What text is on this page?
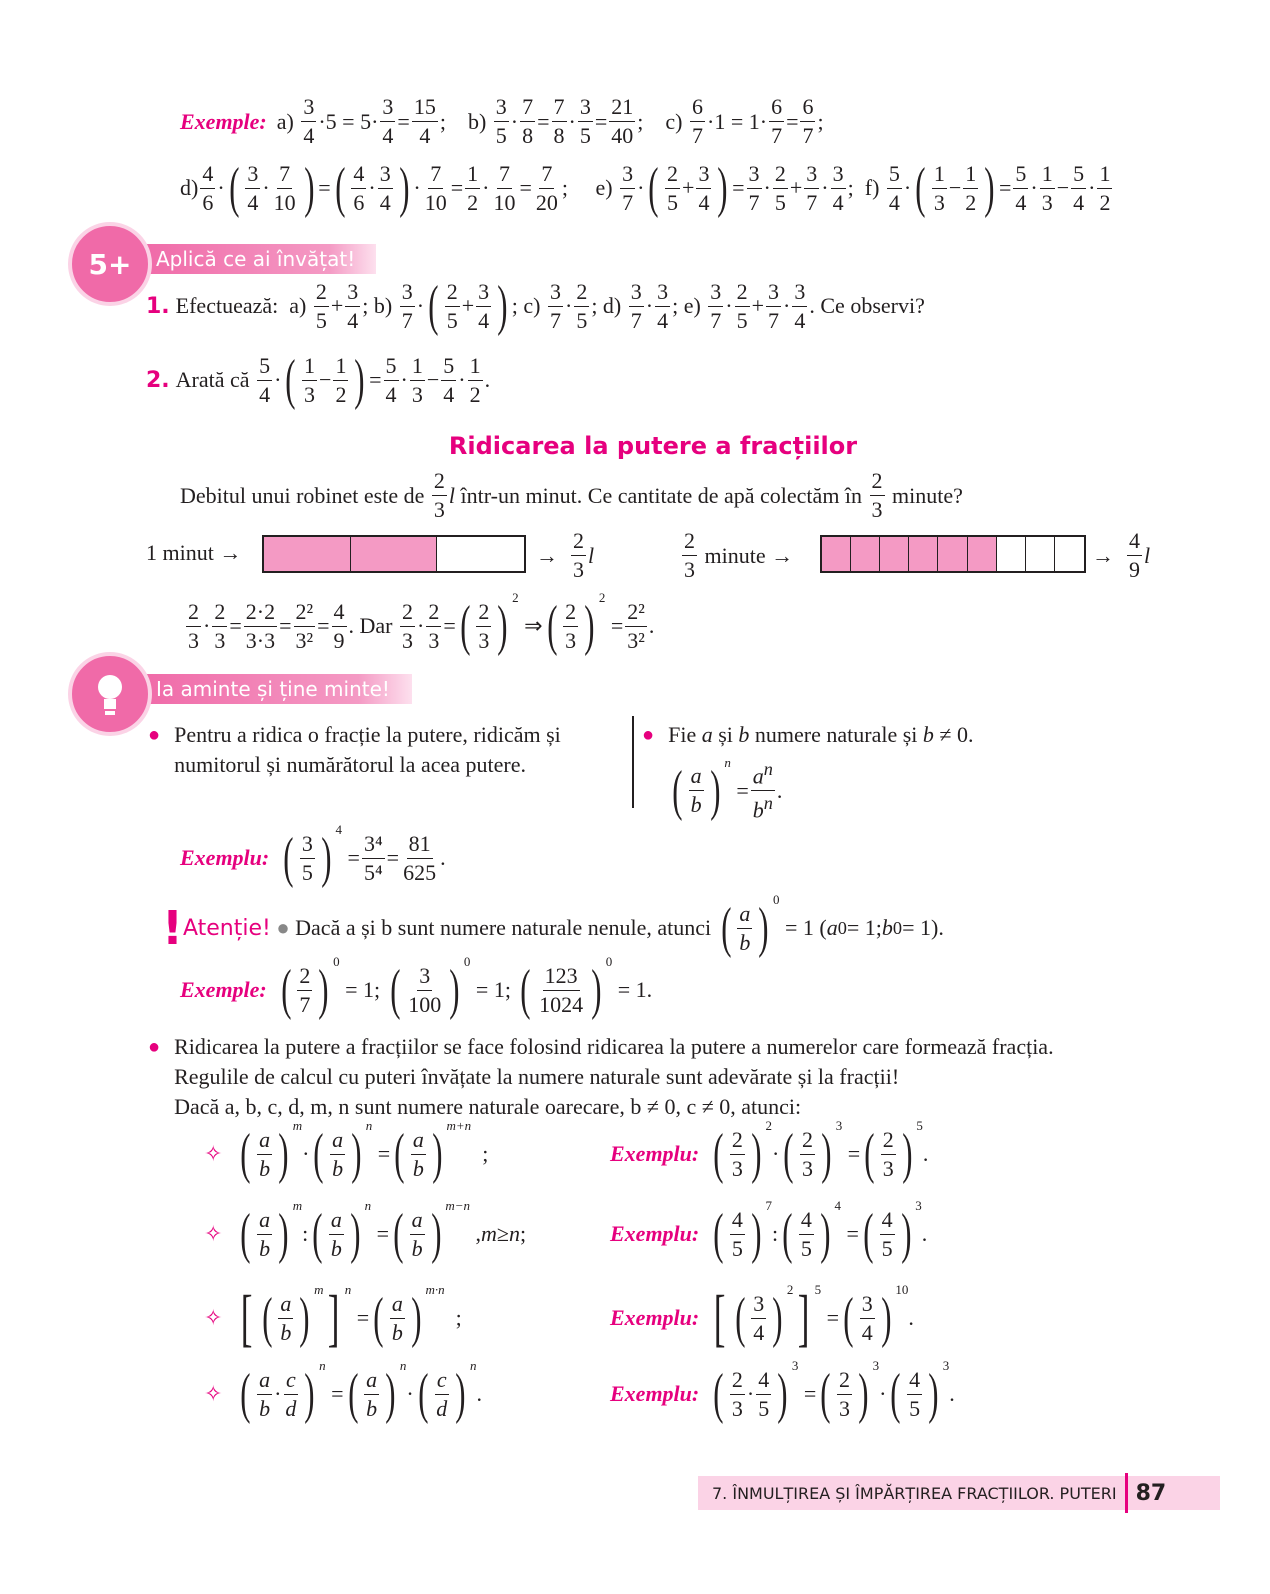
Exemple: $a) \frac{3}{4} \cdot 5 = 5\cdot \frac{3}{4} = \frac{15}{4}$ ;    $b) \frac{3}{5} \cdot \frac{7}{8} = \frac{7}{8} \cdot \frac{3}{5} = \frac{21}{40}$ ;    $c) \frac{6}{7} \cdot 1 = 1\cdot \frac{6}{7} = \frac{6}{7}$ ;
$d) \frac{4}{6}$ · ( $\frac{3}{4} \cdot \frac{7}{10}$ ) = ( $\frac{4}{6} \cdot \frac{3}{4}$ ) · $\frac{7}{10} = \frac{1}{2} \cdot \frac{7}{10} = \frac{7}{20}$ ;     $e) \frac{3}{7}$ · ( $\frac{2}{5} + \frac{3}{4}$ ) = $\frac{3}{7} \cdot \frac{2}{5} + \frac{3}{7} \cdot \frac{3}{4}$ ;  $f) \frac{5}{4}$ · ( $\frac{1}{3} - \frac{1}{2}$ ) = $\frac{5}{4} \cdot \frac{1}{3} - \frac{5}{4} \cdot \frac{1}{2}$
Aplică ce ai învățat!
5+
1. Efectuează: $a) \frac{2}{5} + \frac{3}{4}$ ; $b) \frac{3}{7}$ · ( $\frac{2}{5} + \frac{3}{4}$ ) ; $c) \frac{3}{7} \cdot \frac{2}{5}$ ; $d) \frac{3}{7} \cdot \frac{3}{4}$ ; $e) \frac{3}{7} \cdot \frac{2}{5} + \frac{3}{7} \cdot \frac{3}{4}$ . Ce observi?
2. Arată că
$\frac{5}{4}$ · ( $\frac{1}{3} - \frac{1}{2}$ ) = $\frac{5}{4} \cdot \frac{1}{3} - \frac{5}{4} \cdot \frac{1}{2}$ .
Ridicarea la putere a fracțiilor
Debitul unui robinet este de
$\frac{2}{3}$ l
într-un minut. Ce cantitate de apă colectăm în
$\frac{2}{3}$
minute?
1 minut →	→ $\frac{2}{3}$ l	$\frac{2}{3}$
minute →	→ $\frac{4}{9}$ l
$\frac{2}{3} \cdot \frac{2}{3} = \frac{2\cdot 2}{3\cdot 3} = \frac{\text{2²}}{\text{3²}} = \frac{4}{9}$ . Dar
$\frac{2}{3} \cdot \frac{2}{3}$ = ( $\frac{2}{3}$ ) 2
⇒ ( $\frac{2}{3}$ ) 2
= $\frac{\text{2²}}{\text{3²}}$ .
Ia aminte și ține minte!
● Pentru a ridica o fracție la putere, ridicăm și numitorul și numărătorul la acea putere.
● Fie
a
și
b
numere naturale și
b ≠ 0.
( $\frac{a}{b}$ ) n
= $\frac{a^n}{b^n}$ .
Exemplu: ( $\frac{3}{5}$ ) 4
= $\frac{\text{3⁴}}{\text{5⁴}} = \frac{81}{625}$ .
! Atenție!
●
Dacă a și b sunt numere naturale nenule, atunci
( $\frac{a}{b}$ ) 0
= 1 ( a 0 = 1; b 0 = 1).
Exemple: ( $\frac{2}{7}$ ) 0
= 1; ( $\frac{3}{100}$ ) 0
= 1; ( $\frac{123}{1024}$ ) 0
= 1.
● Ridicarea la putere a fracțiilor se face folosind ridicarea la putere a numerelor care formează fracția.
Regulile de calcul cu puteri învățate la numere naturale sunt adevărate și la fracții!
Dacă a, b, c, d, m, n sunt numere naturale oarecare, b ≠ 0, c ≠ 0, atunci:
✧ ( $\frac{a}{b}$ ) m
· ( $\frac{a}{b}$ ) n
= ( $\frac{a}{b}$ ) m+n
;	Exemplu: ( $\frac{2}{3}$ ) 2
· ( $\frac{2}{3}$ ) 3
= ( $\frac{2}{3}$ ) 5
.
✧ ( $\frac{a}{b}$ ) m
: ( $\frac{a}{b}$ ) n
= ( $\frac{a}{b}$ ) m−n
, m ≥ n ;	Exemplu: ( $\frac{4}{5}$ ) 7
: ( $\frac{4}{5}$ ) 4
= ( $\frac{4}{5}$ ) 3
.
✧ [ ( $\frac{a}{b}$ ) m ] n
= ( $\frac{a}{b}$ ) m·n
;	Exemplu: [ ( $\frac{3}{4}$ ) 2 ] 5
= ( $\frac{3}{4}$ ) 10
.
✧ ( $\frac{a}{b} \cdot \frac{c}{d}$ ) n
= ( $\frac{a}{b}$ ) n
· ( $\frac{c}{d}$ ) n
.	Exemplu: ( $\frac{2}{3} \cdot \frac{4}{5}$ ) 3
= ( $\frac{2}{3}$ ) 3
· ( $\frac{4}{5}$ ) 3
.
7. ÎNMULȚIREA ȘI ÎMPĂRȚIREA FRACȚIILOR. PUTERI 87
